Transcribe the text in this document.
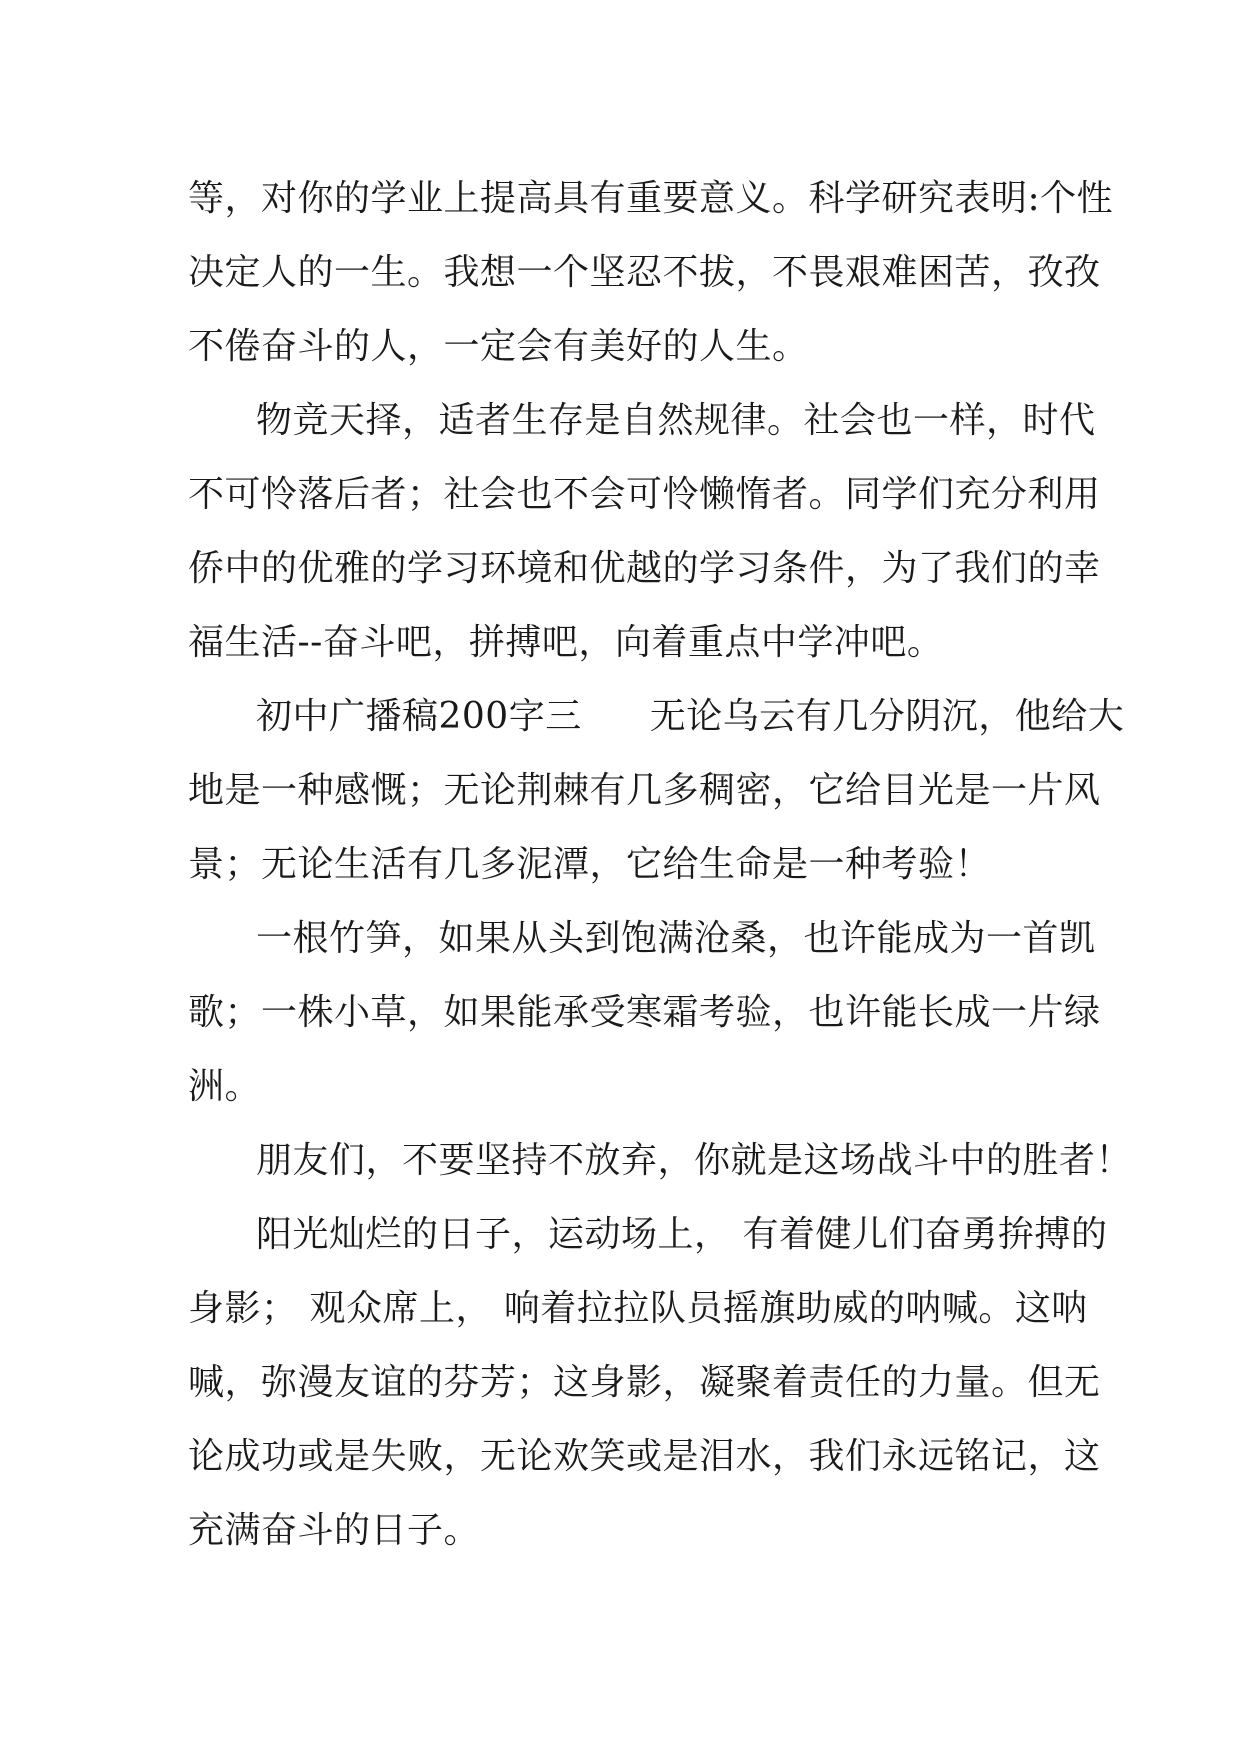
等，对你的学业上提高具有重要意义。科学研究表明:个性
决定人的一生。我想一个坚忍不拔，不畏艰难困苦，孜孜
不倦奋斗的人，一定会有美好的人生。
物竞天择，适者生存是自然规律。社会也一样，时代
不可怜落后者；社会也不会可怜懒惰者。同学们充分利用
侨中的优雅的学习环境和优越的学习条件，为了我们的幸
福生活--奋斗吧，拼搏吧，向着重点中学冲吧。
初中广播稿200字三 无论乌云有几分阴沉，他给大
地是一种感慨；无论荆棘有几多稠密，它给目光是一片风
景；无论生活有几多泥潭，它给生命是一种考验！
一根竹笋，如果从头到饱满沧桑，也许能成为一首凯
歌；一株小草，如果能承受寒霜考验，也许能长成一片绿
洲。
朋友们，不要坚持不放弃，你就是这场战斗中的胜者！
阳光灿烂的日子，运动场上， 有着健儿们奋勇拚搏的
身影； 观众席上， 响着拉拉队员摇旗助威的呐喊。这呐
喊，弥漫友谊的芬芳；这身影，凝聚着责任的力量。但无
论成功或是失败，无论欢笑或是泪水，我们永远铭记，这
充满奋斗的日子。
